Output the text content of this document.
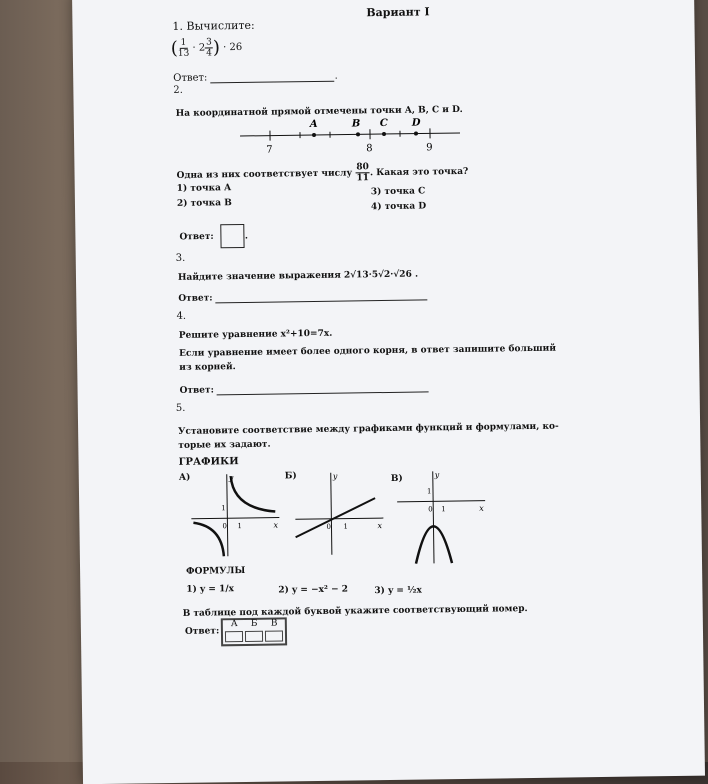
Вариант I
1. Вычислите:
( $\frac{1}{13} \cdot 2 \frac{3}{4}$ ) · 26
Ответ:	.
2.
На координатной прямой отмечены точки A, B, C и D.
A	B C D
7	8	9
Одна из них соответствует числу $\frac{80}{11}$ . Какая это точка?
1) точка A
2) точка B
3) точка C
4) точка D
Ответ:	.
3.
Найдите значение выражения 2√13·5√2·√26 .
Ответ:
4.
Решите уравнение x²+10=7x.
Если уравнение имеет более одного корня, в ответ запишите больший
из корней.
Ответ:
5.
Установите соответствие между графиками функций и формулами, ко-
торые их задают.
ГРАФИКИ
А)	Б)	В)
y
x
1
0 1
y
x
0 1
y
x
1
0 1
ФОРМУЛЫ
1) y = 1/x	2) y = −x² − 2	3) y = ½x
В таблице под каждой буквой укажите соответствующий номер.
Ответ:
А Б В
